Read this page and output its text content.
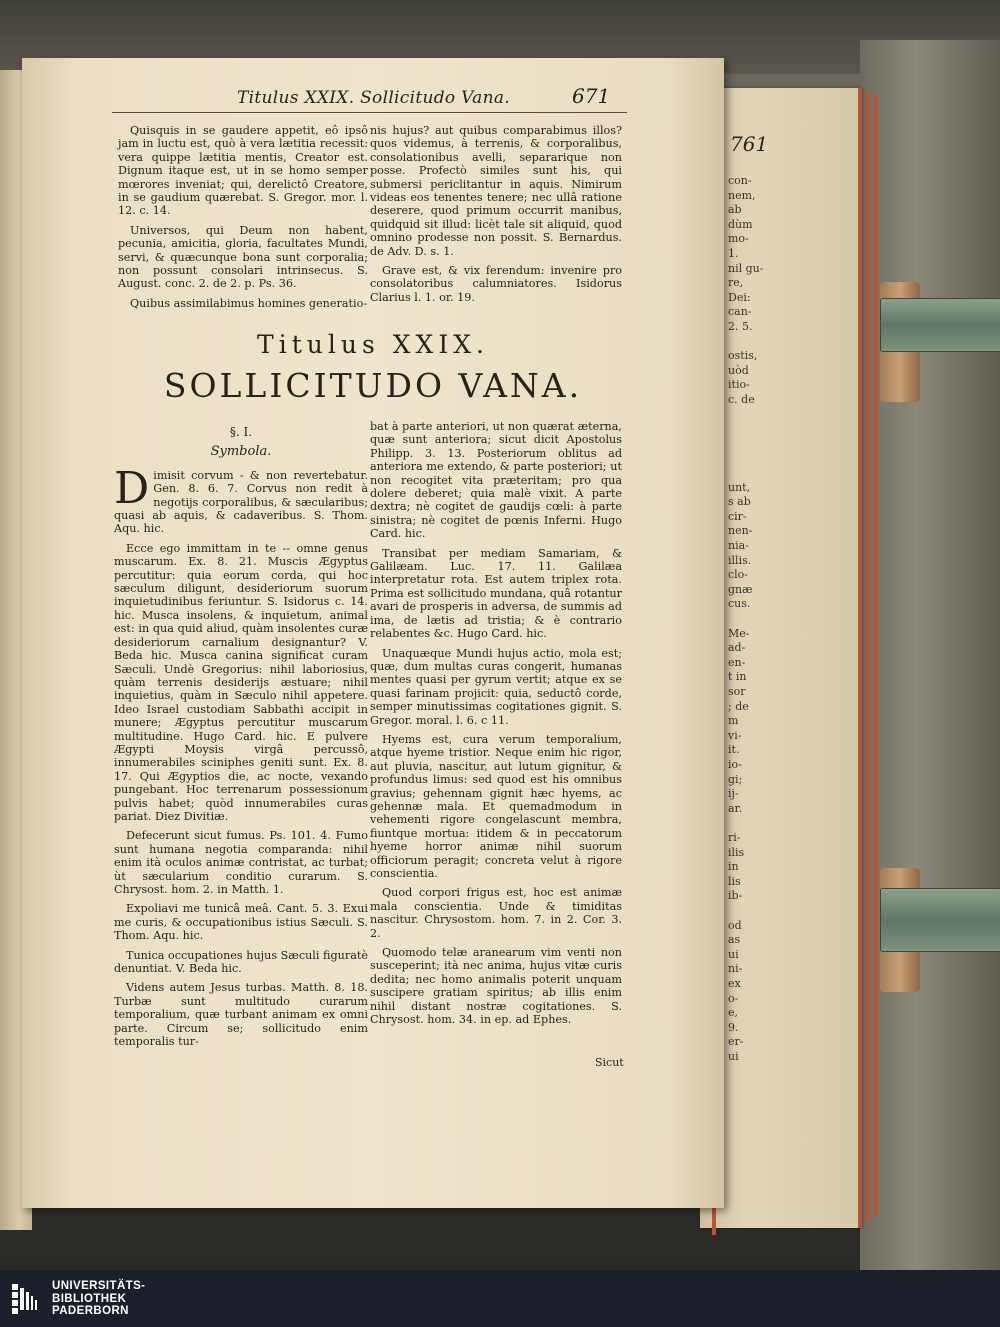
761
con-
nem,
ab
dùm
mo-
1.
nil gu-
re,
Dei:
can-
2. 5.
ostis,
uòd
itio-
c. de
unt,
s ab
cir-
nen-
nia-
illis.
clo-
gnæ
cus.
Me-
ad-
en-
t in
sor
; de
m
vi-
it.
io-
gi;
ij-
ar.
ri-
ilis
in
lis
ib-
od
as
ui
ni-
ex
o-
e,
9.
er-
ui
Titulus XXIX. Sollicitudo Vana.	671

Quisquis in se gaudere appetit, eô ipsô jam in luctu est, quò à vera lætitia recessit: vera quippe lætitia mentis, Creator est. Dignum itaque est, ut in se homo semper mœrores inveniat; qui, derelictô Creatore, in se gaudium quærebat. S. Gregor. mor. l. 12. c. 14.

Universos, qui Deum non habent, pecunia, amicitia, gloria, facultates Mundi, servi, & quæcunque bona sunt corporalia; non possunt consolari intrinsecus. S. August. conc. 2. de 2. p. Ps. 36.

Quibus assimilabimus homines generatio-

nis hujus? aut quibus comparabimus illos? quos videmus, à terrenis, & corporalibus, consolationibus avelli, separarique non posse. Profectò similes sunt his, qui submersi periclitantur in aquis. Nimirum videas eos tenentes tenere; nec ullâ ratione deserere, quod primum occurrit manibus, quidquid sit illud: licèt tale sit aliquid, quod omnino prodesse non possit. S. Bernardus. de Adv. D. s. 1.

Grave est, & vix ferendum: invenire pro consolatoribus calumniatores. Isidorus Clarius l. 1. or. 19.

Titulus XXIX.
SOLLICITUDO VANA.
§. I.
Symbola.

Dimisit corvum - & non revertebatur. Gen. 8. 6. 7. Corvus non redit à negotijs corporalibus, & sæcularibus; quasi ab aquis, & cadaveribus. S. Thom. Aqu. hic.

Ecce ego immittam in te -- omne genus muscarum. Ex. 8. 21. Muscis Ægyptus percutitur: quia eorum corda, qui hoc sæculum diligunt, desideriorum suorum inquietudinibus feriuntur. S. Isidorus c. 14. hic. Musca insolens, & inquietum, animal est: in qua quid aliud, quàm insolentes curæ desideriorum carnalium designantur? V. Beda hic. Musca canina significat curam Sæculi. Undè Gregorius: nihil laboriosius, quàm terrenis desiderijs æstuare; nihil inquietius, quàm in Sæculo nihil appetere. Ideo Israel custodiam Sabbathi accipit in munere; Ægyptus percutitur muscarum multitudine. Hugo Card. hic. E pulvere Ægypti Moysis virgâ percussô, innumerabiles sciniphes geniti sunt. Ex. 8. 17. Qui Ægyptios die, ac nocte, vexando pungebant. Hoc terrenarum possessionum pulvis habet; quòd innumerabiles curas pariat. Diez Divitiæ.

Defecerunt sicut fumus. Ps. 101. 4. Fumo sunt humana negotia comparanda: nihil enim ità oculos animæ contristat, ac turbat; ùt sæcularium conditio curarum. S. Chrysost. hom. 2. in Matth. 1.

Expoliavi me tunicâ meâ. Cant. 5. 3. Exui me curis, & occupationibus istius Sæculi. S. Thom. Aqu. hic.

Tunica occupationes hujus Sæculi figuratè denuntiat. V. Beda hic.

Videns autem Jesus turbas. Matth. 8. 18. Turbæ sunt multitudo curarum temporalium, quæ turbant animam ex omni parte. Circum se; sollicitudo enim temporalis tur-

bat à parte anteriori, ut non quærat æterna, quæ sunt anteriora; sicut dicit Apostolus Philipp. 3. 13. Posteriorum oblitus ad anteriora me extendo, & parte posteriori; ut non recogitet vita præteritam; pro qua dolere deberet; quia malè vixit. A parte dextra; nè cogitet de gaudijs cœli: à parte sinistra; nè cogitet de pœnis Inferni. Hugo Card. hic.

Transibat per mediam Samariam, & Galilæam. Luc. 17. 11. Galilæa interpretatur rota. Est autem triplex rota. Prima est sollicitudo mundana, quâ rotantur avari de prosperis in adversa, de summis ad ima, de lætis ad tristia; & è contrario relabentes &c. Hugo Card. hic.

Unaquæque Mundi hujus actio, mola est; quæ, dum multas curas congerit, humanas mentes quasi per gyrum vertit; atque ex se quasi farinam projicit: quia, seductô corde, semper minutissimas cogitationes gignit. S. Gregor. moral. l. 6. c 11.

Hyems est, cura verum temporalium, atque hyeme tristior. Neque enim hic rigor, aut pluvia, nascitur, aut lutum gignitur, & profundus limus: sed quod est his omnibus gravius; gehennam gignit hæc hyems, ac gehennæ mala. Et quemadmodum in vehementi rigore congelascunt membra, fiuntque mortua: itidem & in peccatorum hyeme horror animæ nihil suorum officiorum peragit; concreta velut à rigore conscientia.

Quod corpori frigus est, hoc est animæ mala conscientia. Unde & timiditas nascitur. Chrysostom. hom. 7. in 2. Cor. 3. 2.

Quomodo telæ aranearum vim venti non susceperint; ità nec anima, hujus vitæ curis dedita; nec homo animalis poterit unquam suscipere gratiam spiritus; ab illis enim nihil distant nostræ cogitationes. S. Chrysost. hom. 34. in ep. ad Ephes.

Sicut
UNIVERSITÄTS-
BIBLIOTHEK
PADERBORN
